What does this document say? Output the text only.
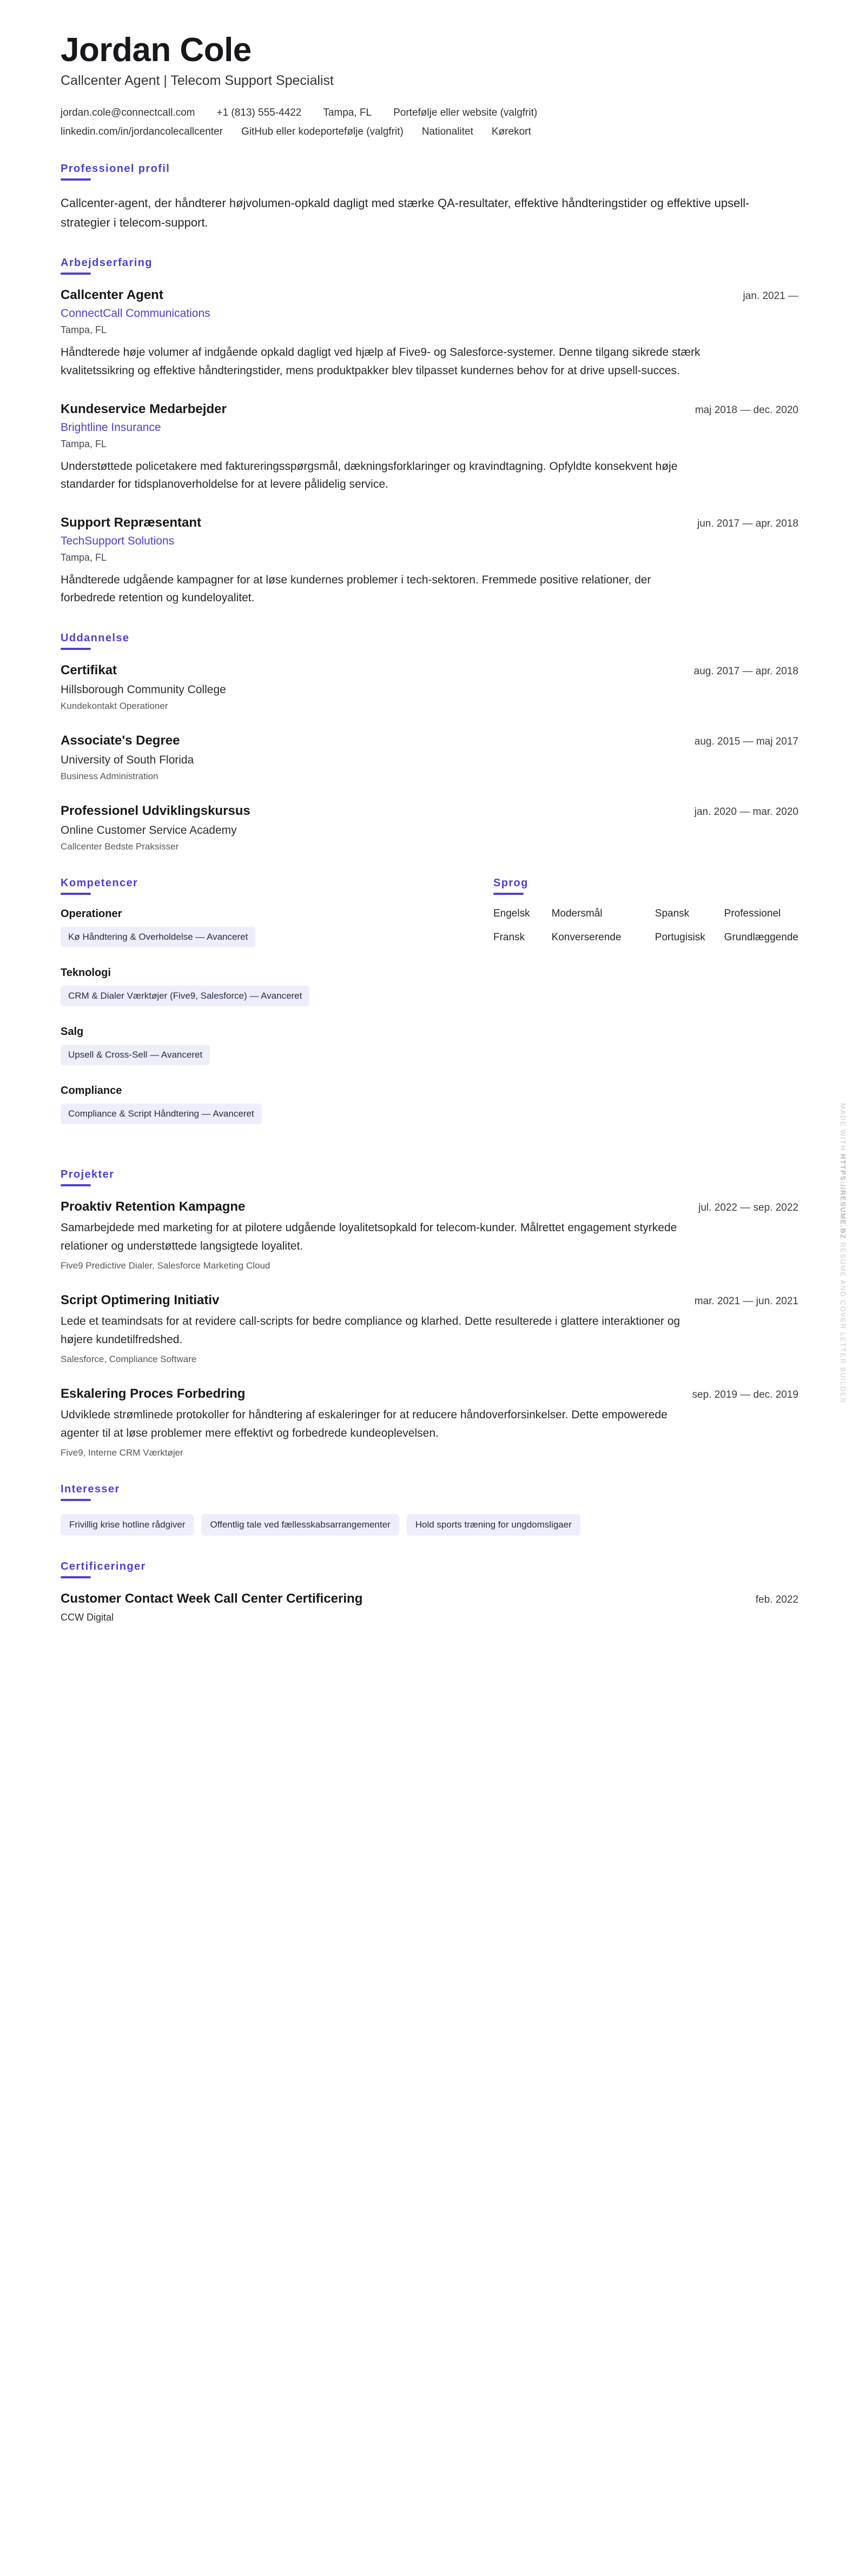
Jordan Cole
Callcenter Agent | Telecom Support Specialist
jordan.cole@connectcall.com +1 (813) 555-4422 Tampa, FL Portefølje eller website (valgfrit)
linkedin.com/in/jordancolecallcenter GitHub eller kodeportefølje (valgfrit) Nationalitet Kørekort
Professionel profil

Callcenter-agent, der håndterer højvolumen-opkald dagligt med stærke QA-resultater, effektive håndteringstider og effektive upsell-strategier i telecom-support.

Arbejdserfaring
Callcenter Agent	jan. 2021 —
ConnectCall Communications
Tampa, FL

Håndterede høje volumer af indgående opkald dagligt ved hjælp af Five9- og Salesforce-systemer. Denne tilgang sikrede stærk kvalitetssikring og effektive håndteringstider, mens produktpakker blev tilpasset kundernes behov for at drive upsell-succes.

Kundeservice Medarbejder	maj 2018 — dec. 2020
Brightline Insurance
Tampa, FL

Understøttede policetakere med faktureringsspørgsmål, dækningsforklaringer og kravindtagning. Opfyldte konsekvent høje standarder for tidsplanoverholdelse for at levere pålidelig service.

Support Repræsentant	jun. 2017 — apr. 2018
TechSupport Solutions
Tampa, FL

Håndterede udgående kampagner for at løse kundernes problemer i tech-sektoren. Fremmede positive relationer, der forbedrede retention og kundeloyalitet.

Uddannelse
Certifikat	aug. 2017 — apr. 2018
Hillsborough Community College
Kundekontakt Operationer
Associate's Degree	aug. 2015 — maj 2017
University of South Florida
Business Administration
Professionel Udviklingskursus	jan. 2020 — mar. 2020
Online Customer Service Academy
Callcenter Bedste Praksisser
Kompetencer
Operationer
Kø Håndtering & Overholdelse — Avanceret
Teknologi
CRM & Dialer Værktøjer (Five9, Salesforce) — Avanceret
Salg
Upsell & Cross-Sell — Avanceret
Compliance
Compliance & Script Håndtering — Avanceret
Sprog
Engelsk	Modersmål	Spansk	Professionel
Fransk	Konverserende	Portugisisk	Grundlæggende
Projekter
Proaktiv Retention Kampagne	jul. 2022 — sep. 2022

Samarbejdede med marketing for at pilotere udgående loyalitetsopkald for telecom-kunder. Målrettet engagement styrkede relationer og understøttede langsigtede loyalitet.

Five9 Predictive Dialer, Salesforce Marketing Cloud
Script Optimering Initiativ	mar. 2021 — jun. 2021

Lede et teamindsats for at revidere call-scripts for bedre compliance og klarhed. Dette resulterede i glattere interaktioner og højere kundetilfredshed.

Salesforce, Compliance Software
Eskalering Proces Forbedring	sep. 2019 — dec. 2019

Udviklede strømlinede protokoller for håndtering af eskaleringer for at reducere håndoverforsinkelser. Dette empowerede agenter til at løse problemer mere effektivt og forbedrede kundeoplevelsen.

Five9, Interne CRM Værktøjer
Interesser
Frivillig krise hotline rådgiver	Offentlig tale ved fællesskabsarrangementer	Hold sports træning for ungdomsligaer
Certificeringer
Customer Contact Week Call Center Certificering	feb. 2022
CCW Digital
MADE WITH HTTPS://RESUME.BZ RESUME AND COVER LETTER BUILDER
